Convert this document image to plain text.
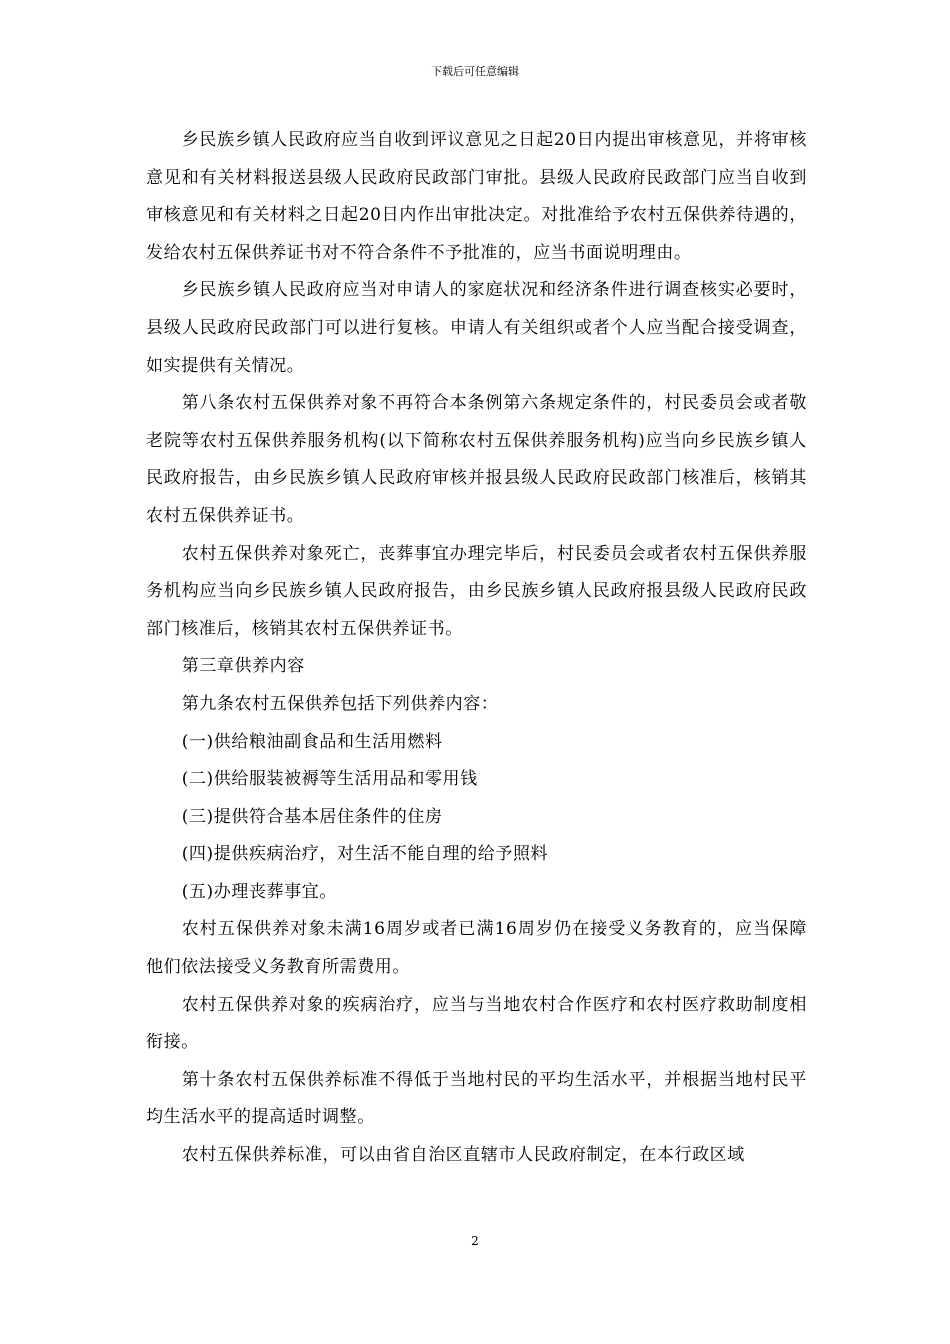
下载后可任意编辑

乡民族乡镇人民政府应当自收到评议意见之日起20日内提出审核意见，并将审核意见和有关材料报送县级人民政府民政部门审批。县级人民政府民政部门应当自收到审核意见和有关材料之日起20日内作出审批决定。对批准给予农村五保供养待遇的，发给农村五保供养证书对不符合条件不予批准的，应当书面说明理由。

乡民族乡镇人民政府应当对申请人的家庭状况和经济条件进行调查核实必要时，县级人民政府民政部门可以进行复核。申请人有关组织或者个人应当配合接受调查，如实提供有关情况。

第八条农村五保供养对象不再符合本条例第六条规定条件的，村民委员会或者敬老院等农村五保供养服务机构(以下简称农村五保供养服务机构)应当向乡民族乡镇人民政府报告，由乡民族乡镇人民政府审核并报县级人民政府民政部门核准后，核销其农村五保供养证书。

农村五保供养对象死亡，丧葬事宜办理完毕后，村民委员会或者农村五保供养服务机构应当向乡民族乡镇人民政府报告，由乡民族乡镇人民政府报县级人民政府民政部门核准后，核销其农村五保供养证书。

第三章供养内容

第九条农村五保供养包括下列供养内容：

(一)供给粮油副食品和生活用燃料

(二)供给服装被褥等生活用品和零用钱

(三)提供符合基本居住条件的住房

(四)提供疾病治疗，对生活不能自理的给予照料

(五)办理丧葬事宜。

农村五保供养对象未满16周岁或者已满16周岁仍在接受义务教育的，应当保障他们依法接受义务教育所需费用。

农村五保供养对象的疾病治疗，应当与当地农村合作医疗和农村医疗救助制度相衔接。

第十条农村五保供养标准不得低于当地村民的平均生活水平，并根据当地村民平均生活水平的提高适时调整。

农村五保供养标准，可以由省自治区直辖市人民政府制定，在本行政区域

2
